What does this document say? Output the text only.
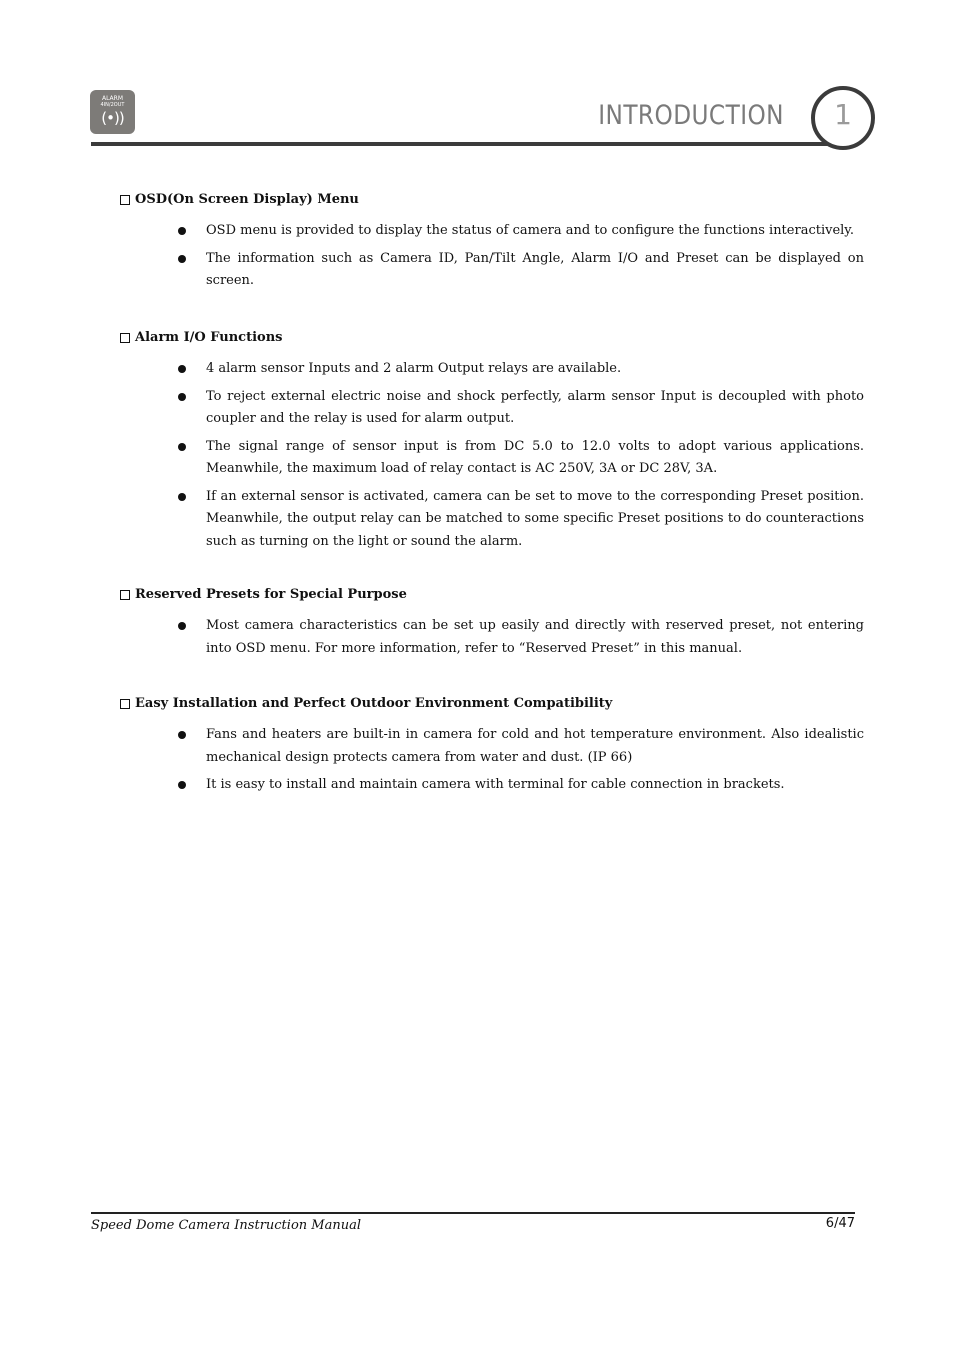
ALARM
4IN/2OUT
(•))	INTRODUCTION	1
OSD(On Screen Display) Menu
OSD menu is provided to display the status of camera and to configure the functions interactively.
The information such as Camera ID, Pan/Tilt Angle, Alarm I/O and Preset can be displayed on screen.
Alarm I/O Functions
4 alarm sensor Inputs and 2 alarm Output relays are available.
To reject external electric noise and shock perfectly, alarm sensor Input is decoupled with photo coupler and the relay is used for alarm output.
The signal range of sensor input is from DC 5.0 to 12.0 volts to adopt various applications. Meanwhile, the maximum load of relay contact is AC 250V, 3A or DC 28V, 3A.
If an external sensor is activated, camera can be set to move to the corresponding Preset position. Meanwhile, the output relay can be matched to some specific Preset positions to do counteractions such as turning on the light or sound the alarm.
Reserved Presets for Special Purpose
Most camera characteristics can be set up easily and directly with reserved preset, not entering into OSD menu. For more information, refer to “Reserved Preset” in this manual.
Easy Installation and Perfect Outdoor Environment Compatibility
Fans and heaters are built-in in camera for cold and hot temperature environment. Also idealistic mechanical design protects camera from water and dust. (IP 66)
It is easy to install and maintain camera with terminal for cable connection in brackets.
Speed Dome Camera Instruction Manual	6/47
